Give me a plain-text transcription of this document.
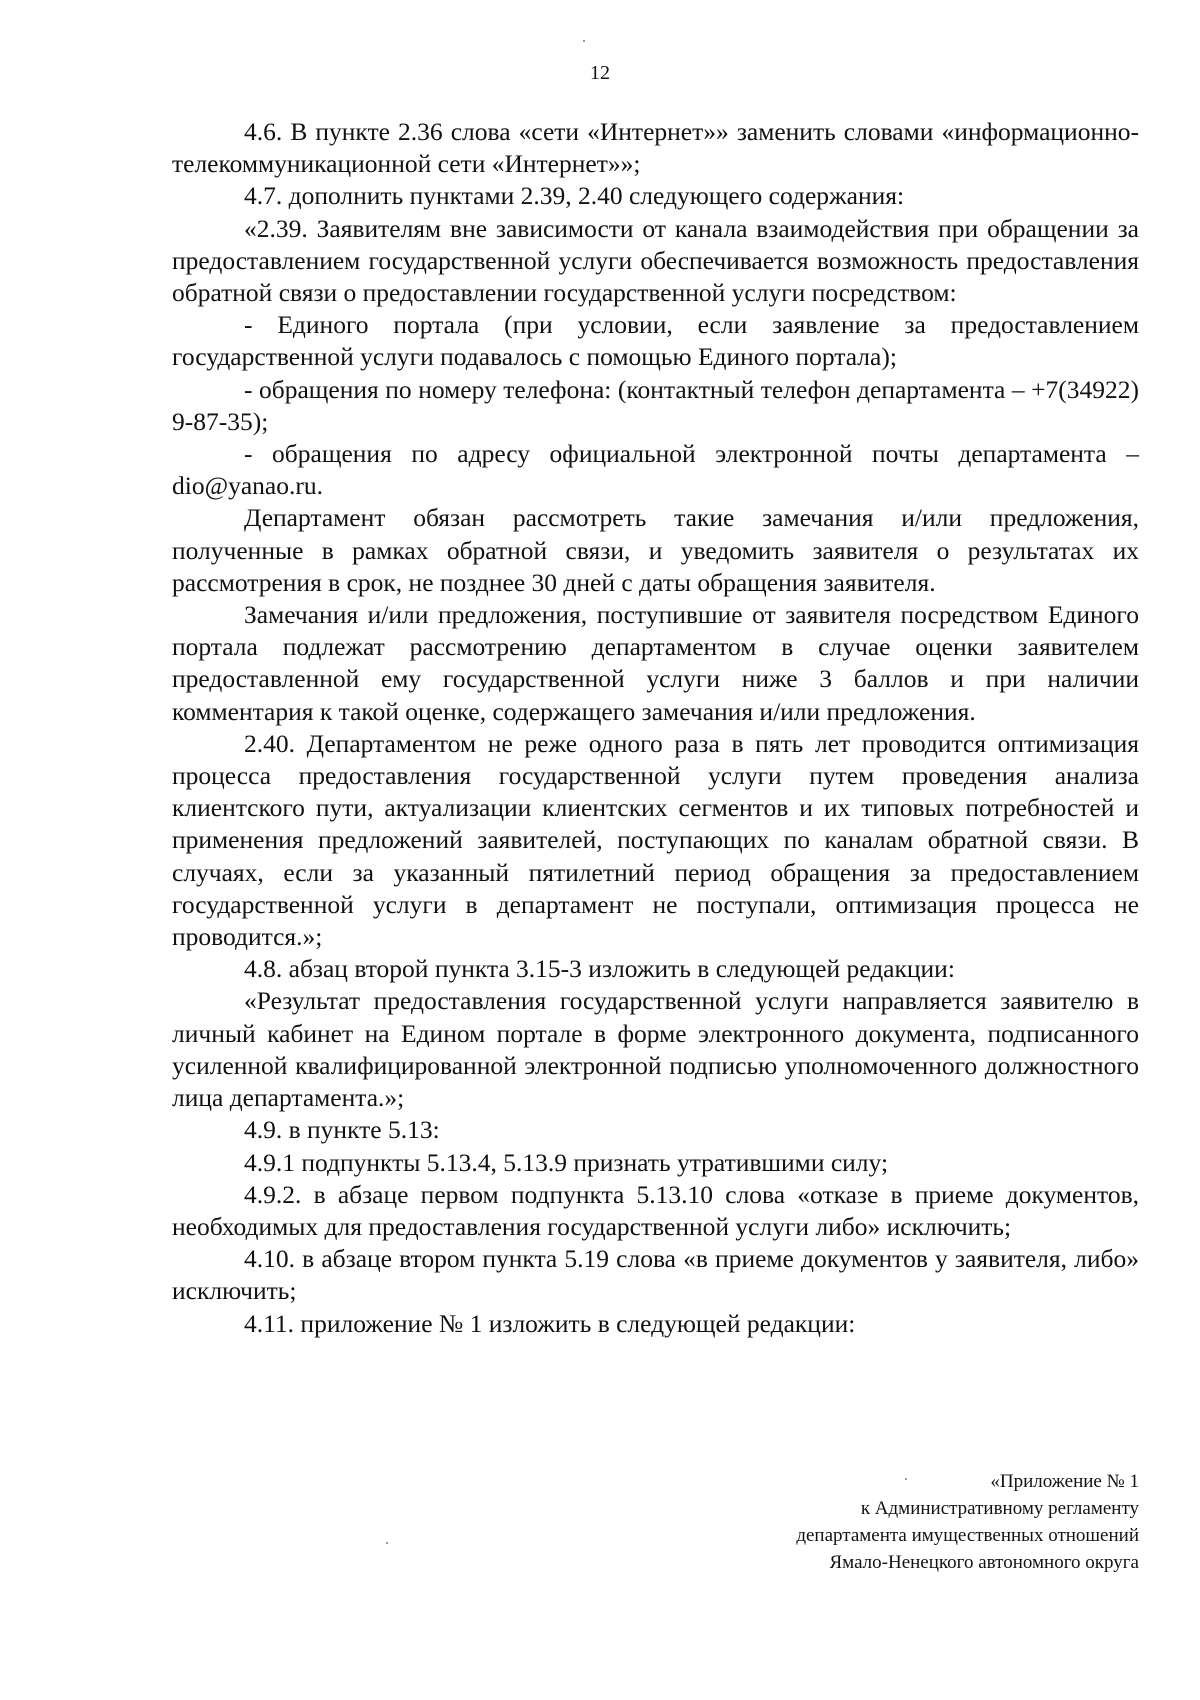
12

4.6. В пункте 2.36 слова «сети «Интернет»» заменить словами «информационно-телекоммуникационной сети «Интернет»»;

4.7. дополнить пунктами 2.39, 2.40 следующего содержания:

«2.39. Заявителям вне зависимости от канала взаимодействия при обращении за предоставлением государственной услуги обеспечивается возможность предоставления обратной связи о предоставлении государственной услуги посредством:

- Единого портала (при условии, если заявление за предоставлением государственной услуги подавалось с помощью Единого портала);

- обращения по номеру телефона: (контактный телефон департамента – +7(34922) 9-87-35);

- обращения по адресу официальной электронной почты департамента – dio@yanao.ru.

Департамент обязан рассмотреть такие замечания и/или предложения, полученные в рамках обратной связи, и уведомить заявителя о результатах их рассмотрения в срок, не позднее 30 дней с даты обращения заявителя.

Замечания и/или предложения, поступившие от заявителя посредством Единого портала подлежат рассмотрению департаментом в случае оценки заявителем предоставленной ему государственной услуги ниже 3 баллов и при наличии комментария к такой оценке, содержащего замечания и/или предложения.

2.40. Департаментом не реже одного раза в пять лет проводится оптимизация процесса предоставления государственной услуги путем проведения анализа клиентского пути, актуализации клиентских сегментов и их типовых потребностей и применения предложений заявителей, поступающих по каналам обратной связи. В случаях, если за указанный пятилетний период обращения за предоставлением государственной услуги в департамент не поступали, оптимизация процесса не проводится.»;

4.8. абзац второй пункта 3.15-3 изложить в следующей редакции:

«Результат предоставления государственной услуги направляется заявителю в личный кабинет на Едином портале в форме электронного документа, подписанного усиленной квалифицированной электронной подписью уполномоченного должностного лица департамента.»;

4.9. в пункте 5.13:

4.9.1 подпункты 5.13.4, 5.13.9 признать утратившими силу;

4.9.2. в абзаце первом подпункта 5.13.10 слова «отказе в приеме документов, необходимых для предоставления государственной услуги либо» исключить;

4.10. в абзаце втором пункта 5.19 слова «в приеме документов у заявителя, либо» исключить;

4.11. приложение № 1 изложить в следующей редакции:

«Приложение № 1
к Административному регламенту
департамента имущественных отношений
Ямало-Ненецкого автономного округа
